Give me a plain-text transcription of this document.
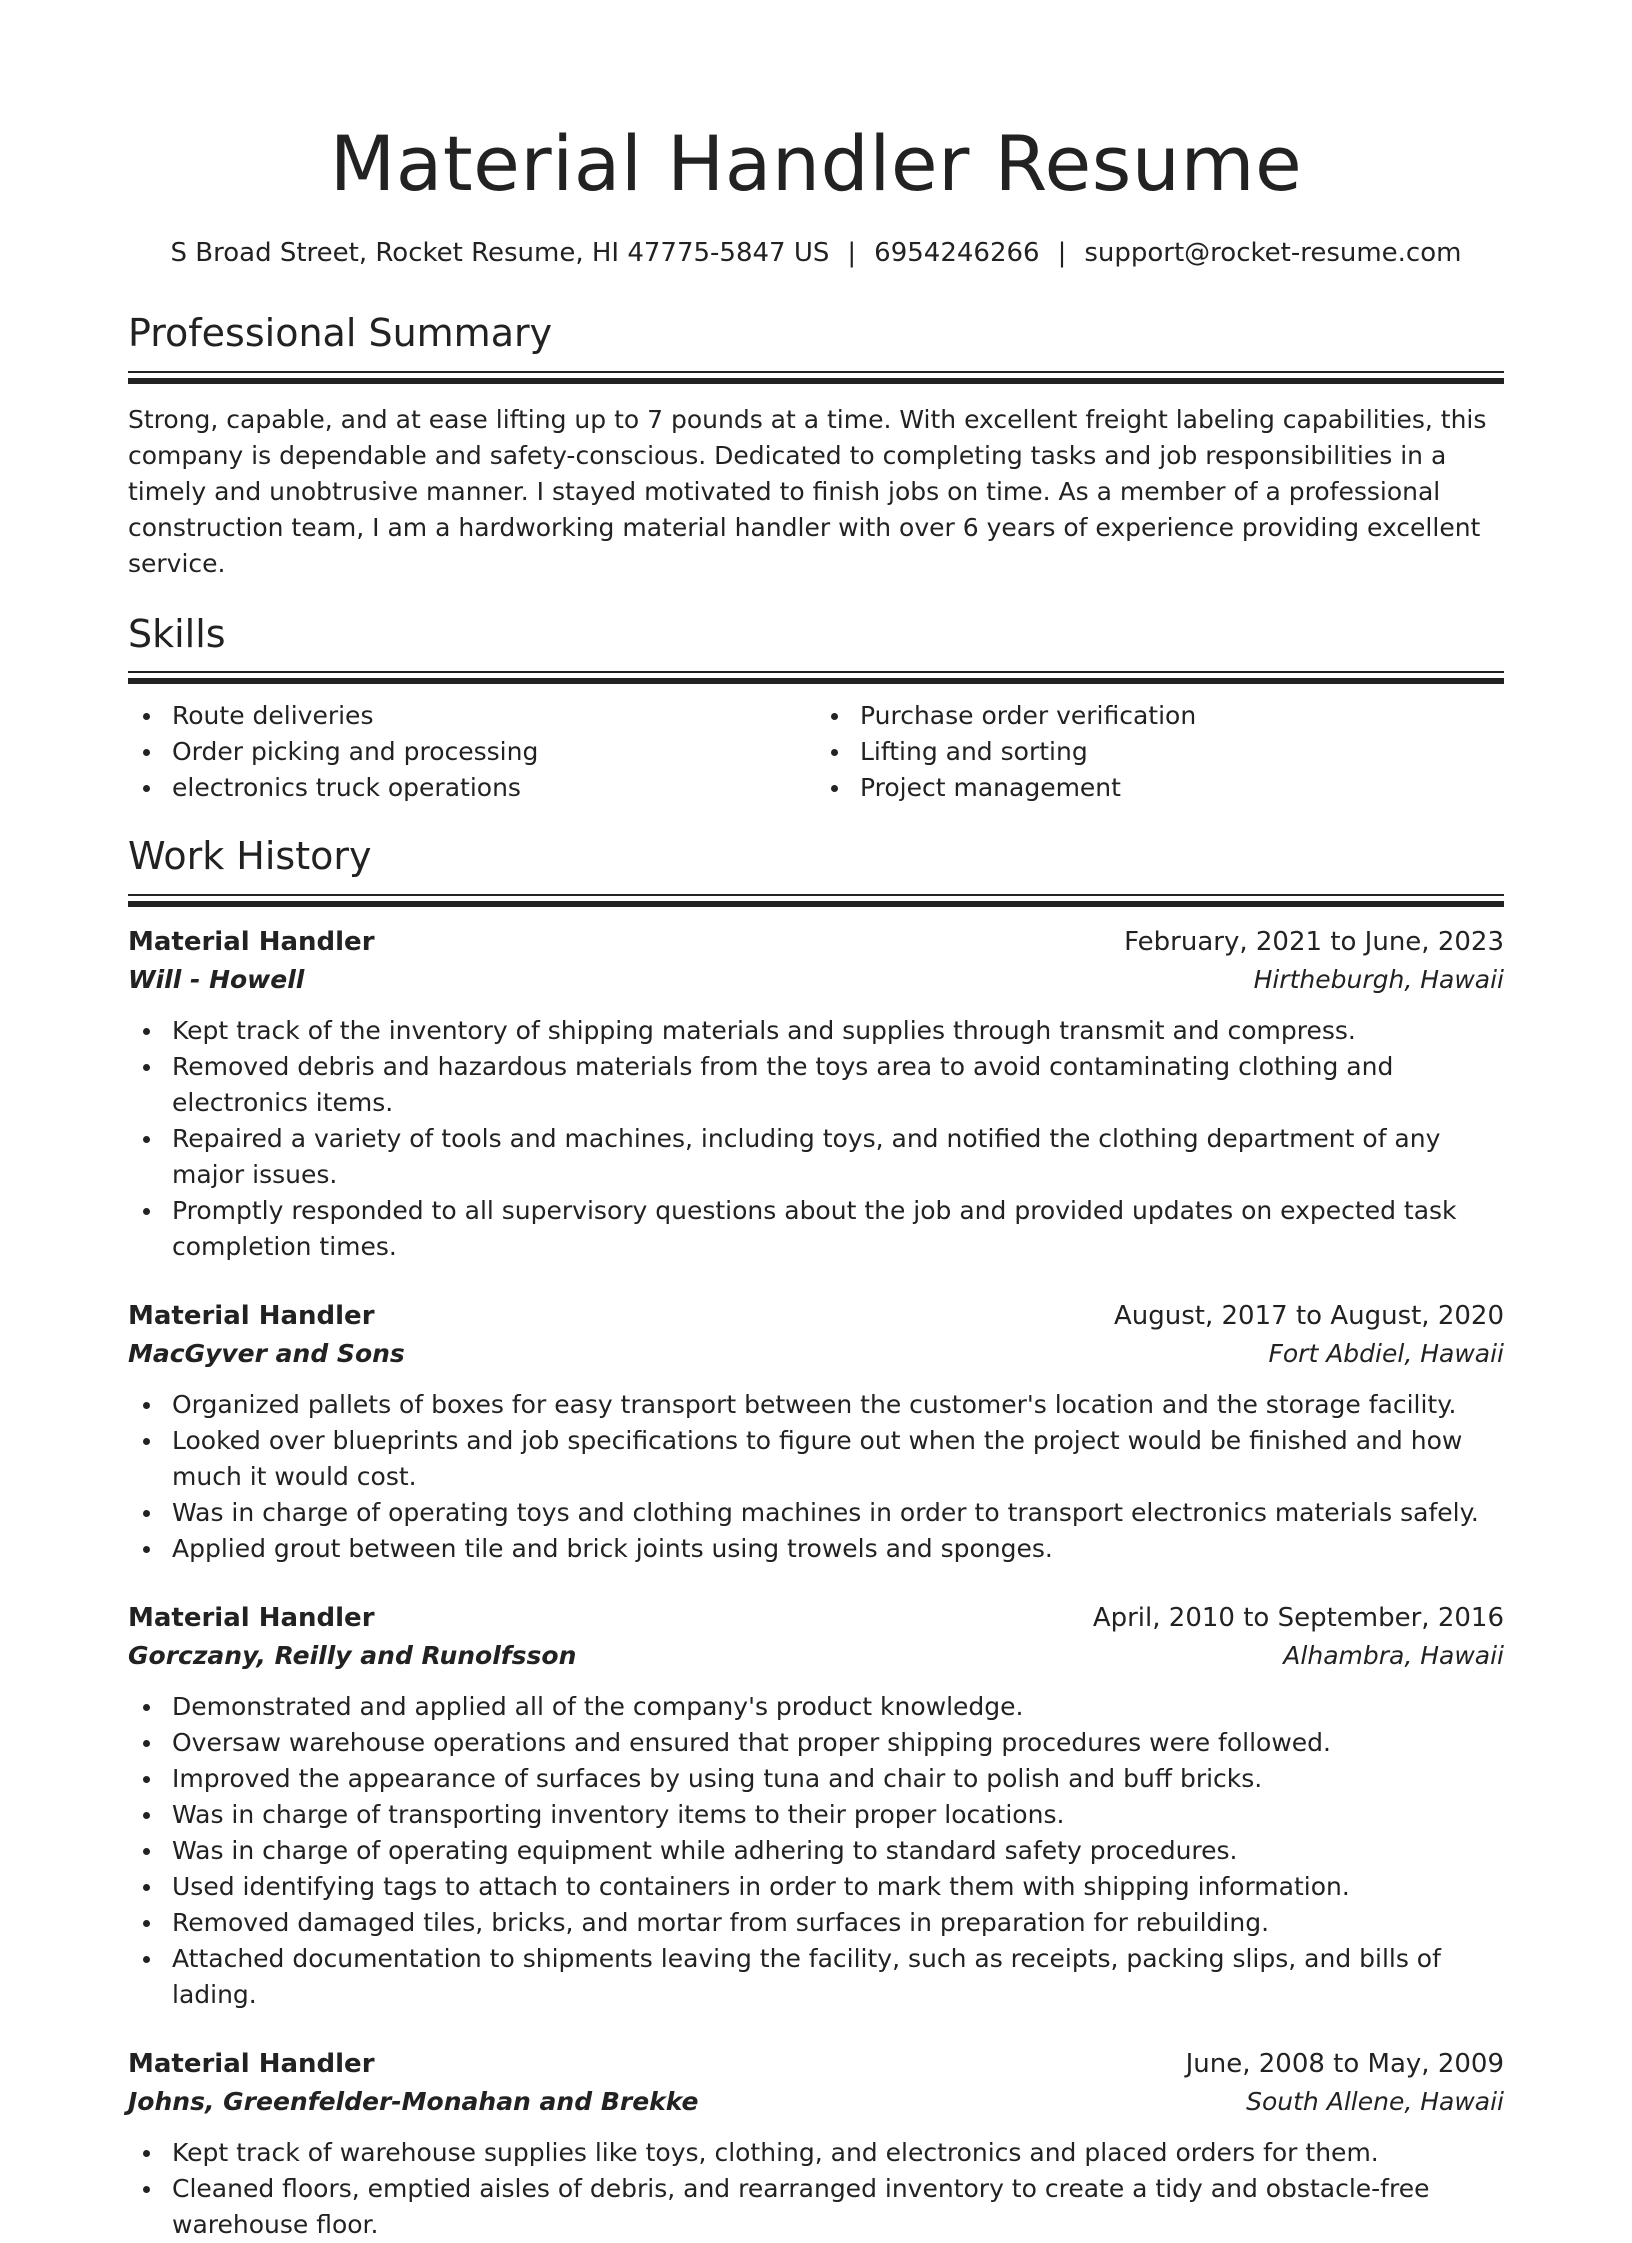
Material Handler Resume
S Broad Street, Rocket Resume, HI 47775-5847 US | 6954246266 | support@rocket-resume.com
Professional Summary

Strong, capable, and at ease lifting up to 7 pounds at a time. With excellent freight labeling capabilities, this company is dependable and safety-conscious. Dedicated to completing tasks and job responsibilities in a timely and unobtrusive manner. I stayed motivated to finish jobs on time. As a member of a professional construction team, I am a hardworking material handler with over 6 years of experience providing excellent service.

Skills
Route deliveries
Order picking and processing
electronics truck operations
Purchase order verification
Lifting and sorting
Project management
Work History
Material Handler	February, 2021 to June, 2023
Will - Howell	Hirtheburgh, Hawaii
Kept track of the inventory of shipping materials and supplies through transmit and compress.
Removed debris and hazardous materials from the toys area to avoid contaminating clothing and electronics items.
Repaired a variety of tools and machines, including toys, and notified the clothing department of any major issues.
Promptly responded to all supervisory questions about the job and provided updates on expected task completion times.
Material Handler	August, 2017 to August, 2020
MacGyver and Sons	Fort Abdiel, Hawaii
Organized pallets of boxes for easy transport between the customer's location and the storage facility.
Looked over blueprints and job specifications to figure out when the project would be finished and how much it would cost.
Was in charge of operating toys and clothing machines in order to transport electronics materials safely.
Applied grout between tile and brick joints using trowels and sponges.
Material Handler	April, 2010 to September, 2016
Gorczany, Reilly and Runolfsson	Alhambra, Hawaii
Demonstrated and applied all of the company's product knowledge.
Oversaw warehouse operations and ensured that proper shipping procedures were followed.
Improved the appearance of surfaces by using tuna and chair to polish and buff bricks.
Was in charge of transporting inventory items to their proper locations.
Was in charge of operating equipment while adhering to standard safety procedures.
Used identifying tags to attach to containers in order to mark them with shipping information.
Removed damaged tiles, bricks, and mortar from surfaces in preparation for rebuilding.
Attached documentation to shipments leaving the facility, such as receipts, packing slips, and bills of lading.
Material Handler	June, 2008 to May, 2009
Johns, Greenfelder-Monahan and Brekke	South Allene, Hawaii
Kept track of warehouse supplies like toys, clothing, and electronics and placed orders for them.
Cleaned floors, emptied aisles of debris, and rearranged inventory to create a tidy and obstacle-free warehouse floor.
